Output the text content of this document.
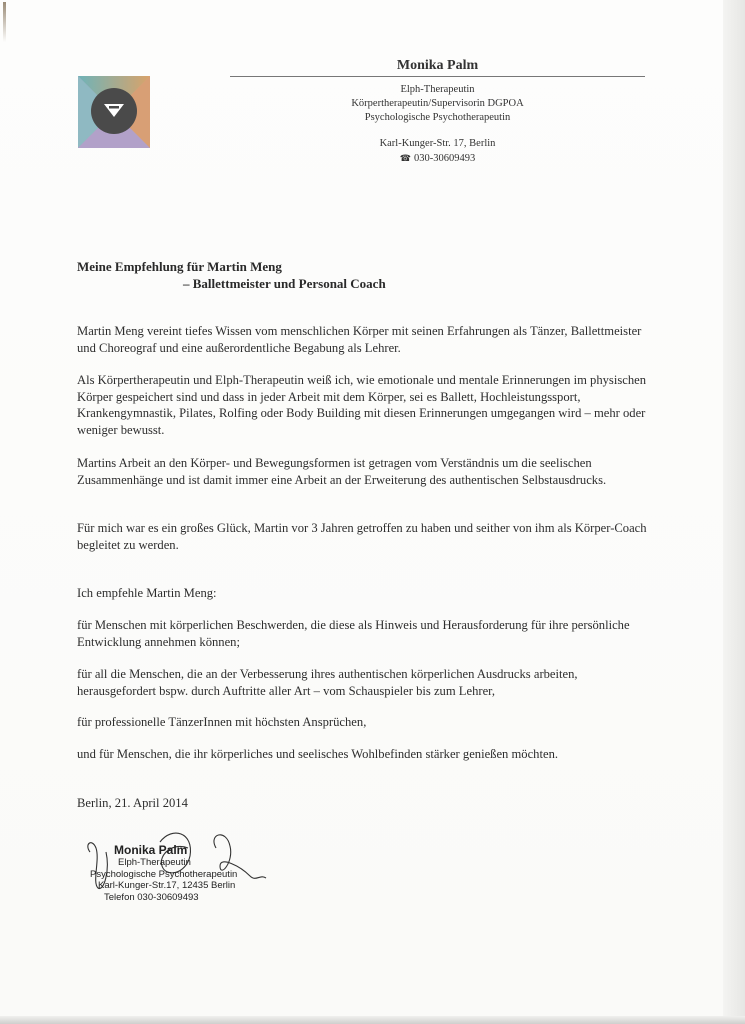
Monika Palm
Elph-Therapeutin
Körpertherapeutin/Supervisorin DGPOA
Psychologische Psychotherapeutin
Karl-Kunger-Str. 17, Berlin
☎ 030-30609493
Meine Empfehlung für Martin Meng
– Ballettmeister und Personal Coach

Martin Meng vereint tiefes Wissen vom menschlichen Körper mit seinen Erfahrungen als Tänzer, Ballettmeister und Choreograf und eine außerordentliche Begabung als Lehrer.

Als Körpertherapeutin und Elph-Therapeutin weiß ich, wie emotionale und mentale Erinnerungen im physischen Körper gespeichert sind und dass in jeder Arbeit mit dem Körper, sei es Ballett, Hochleistungssport, Krankengymnastik, Pilates, Rolfing oder Body Building mit diesen Erinnerungen umgegangen wird – mehr oder weniger bewusst.

Martins Arbeit an den Körper- und Bewegungsformen ist getragen vom Verständnis um die seelischen Zusammenhänge und ist damit immer eine Arbeit an der Erweiterung des authentischen Selbstausdrucks.

Für mich war es ein großes Glück, Martin vor 3 Jahren getroffen zu haben und seither von ihm als Körper-Coach begleitet zu werden.

Ich empfehle Martin Meng:

für Menschen mit körperlichen Beschwerden, die diese als Hinweis und Herausforderung für ihre persönliche Entwicklung annehmen können;

für all die Menschen, die an der Verbesserung ihres authentischen körperlichen Ausdrucks arbeiten, herausgefordert bspw. durch Auftritte aller Art – vom Schauspieler bis zum Lehrer,

für professionelle TänzerInnen mit höchsten Ansprüchen,

und für Menschen, die ihr körperliches und seelisches Wohlbefinden stärker genießen möchten.

Berlin, 21. April 2014

Monika Palm
Elph-Therapeutin
Psychologische Psychotherapeutin
Karl-Kunger-Str.17, 12435 Berlin
Telefon 030-30609493
